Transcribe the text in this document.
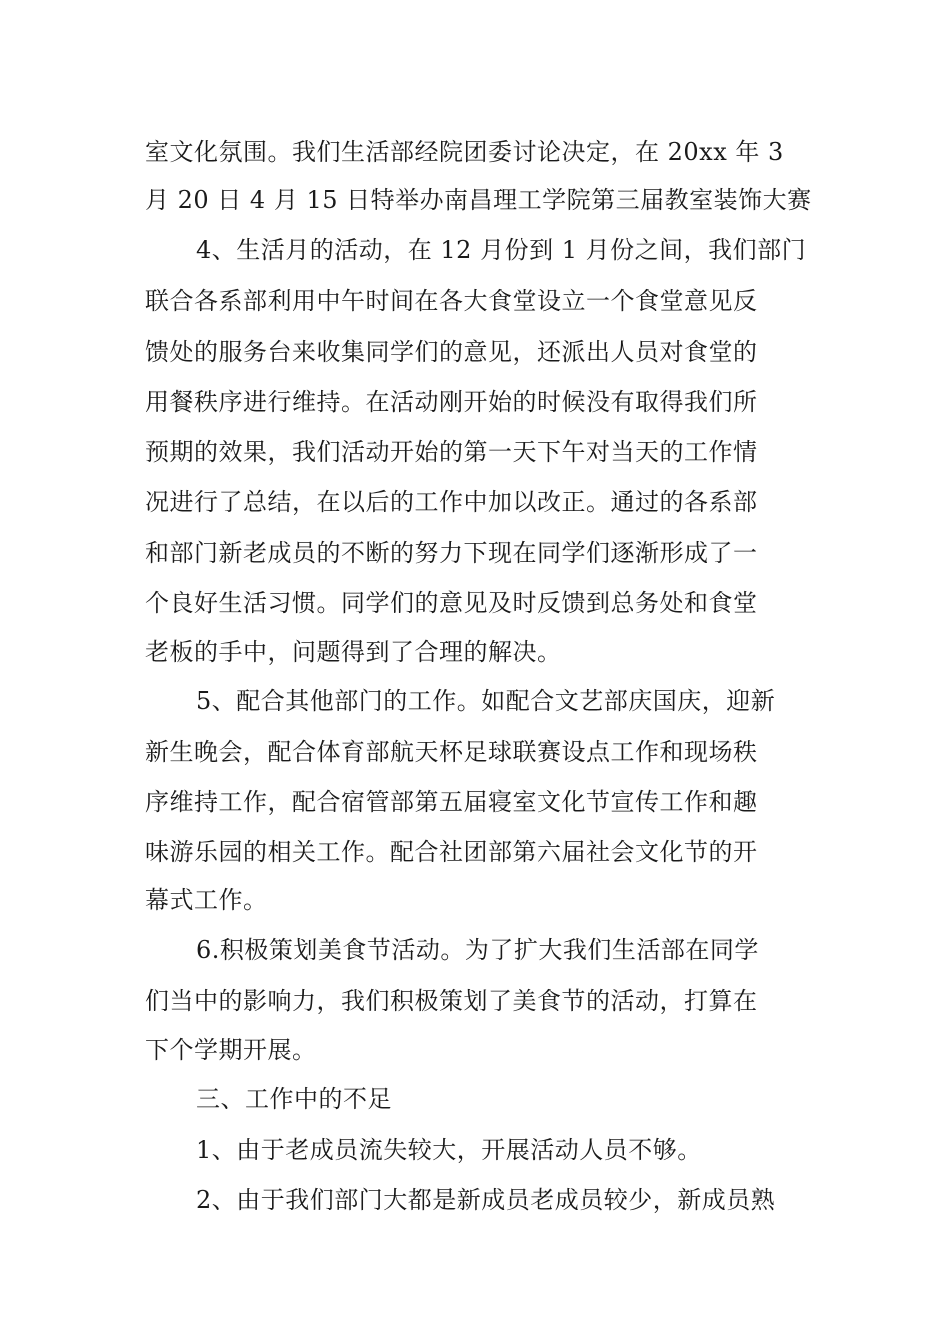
室文化氛围。我们生活部经院团委讨论决定，在 20xx 年 3
月 20 日 4 月 15 日特举办南昌理工学院第三届教室装饰大赛
4、生活月的活动，在 12 月份到 1 月份之间，我们部门
联合各系部利用中午时间在各大食堂设立一个食堂意见反
馈处的服务台来收集同学们的意见，还派出人员对食堂的
用餐秩序进行维持。在活动刚开始的时候没有取得我们所
预期的效果，我们活动开始的第一天下午对当天的工作情
况进行了总结，在以后的工作中加以改正。通过的各系部
和部门新老成员的不断的努力下现在同学们逐渐形成了一
个良好生活习惯。同学们的意见及时反馈到总务处和食堂
老板的手中，问题得到了合理的解决。
5、配合其他部门的工作。如配合文艺部庆国庆，迎新
新生晚会，配合体育部航天杯足球联赛设点工作和现场秩
序维持工作，配合宿管部第五届寝室文化节宣传工作和趣
味游乐园的相关工作。配合社团部第六届社会文化节的开
幕式工作。
6.积极策划美食节活动。为了扩大我们生活部在同学
们当中的影响力，我们积极策划了美食节的活动，打算在
下个学期开展。
三、工作中的不足
1、由于老成员流失较大，开展活动人员不够。
2、由于我们部门大都是新成员老成员较少，新成员熟
